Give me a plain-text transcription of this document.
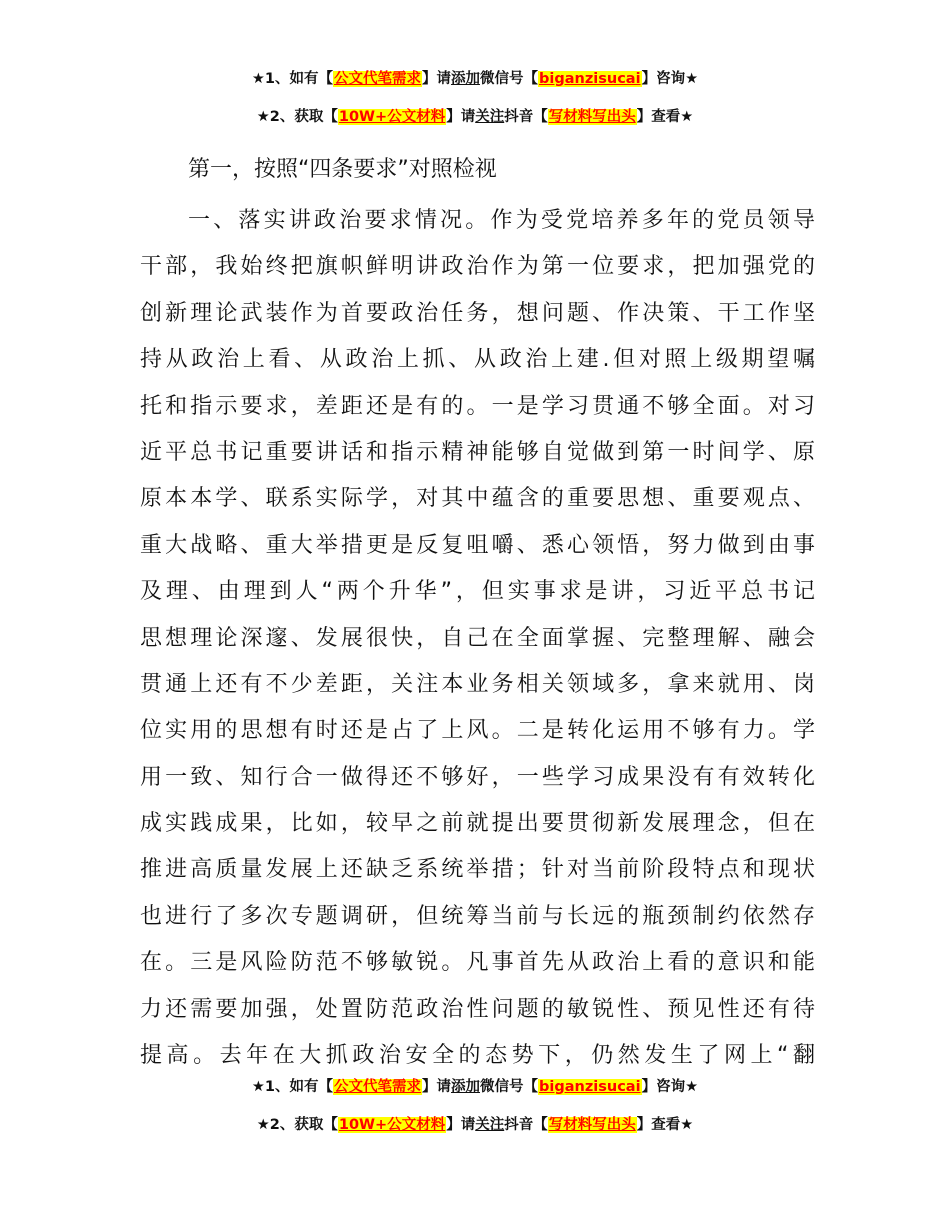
★1、如有【公文代笔需求】请添加微信号【biganzisucai】咨询★
★2、获取【10W+公文材料】请关注抖音【写材料写出头】查看★
第一，按照“四条要求”对照检视
一、落实讲政治要求情况。作为受党培养多年的党员领导
干部，我始终把旗帜鲜明讲政治作为第一位要求，把加强党的
创新理论武装作为首要政治任务，想问题、作决策、干工作坚
持从政治上看、从政治上抓、从政治上建.但对照上级期望嘱
托和指示要求，差距还是有的。一是学习贯通不够全面。对习
近平总书记重要讲话和指示精神能够自觉做到第一时间学、原
原本本学、联系实际学，对其中蕴含的重要思想、重要观点、
重大战略、重大举措更是反复咀嚼、悉心领悟，努力做到由事
及理、由理到人“两个升华”，但实事求是讲，习近平总书记
思想理论深邃、发展很快，自己在全面掌握、完整理解、融会
贯通上还有不少差距，关注本业务相关领域多，拿来就用、岗
位实用的思想有时还是占了上风。二是转化运用不够有力。学
用一致、知行合一做得还不够好，一些学习成果没有有效转化
成实践成果，比如，较早之前就提出要贯彻新发展理念，但在
推进高质量发展上还缺乏系统举措；针对当前阶段特点和现状
也进行了多次专题调研，但统筹当前与长远的瓶颈制约依然存
在。三是风险防范不够敏锐。凡事首先从政治上看的意识和能
力还需要加强，处置防范政治性问题的敏锐性、预见性还有待
提高。去年在大抓政治安全的态势下，仍然发生了网上“翻
★1、如有【公文代笔需求】请添加微信号【biganzisucai】咨询★
★2、获取【10W+公文材料】请关注抖音【写材料写出头】查看★
